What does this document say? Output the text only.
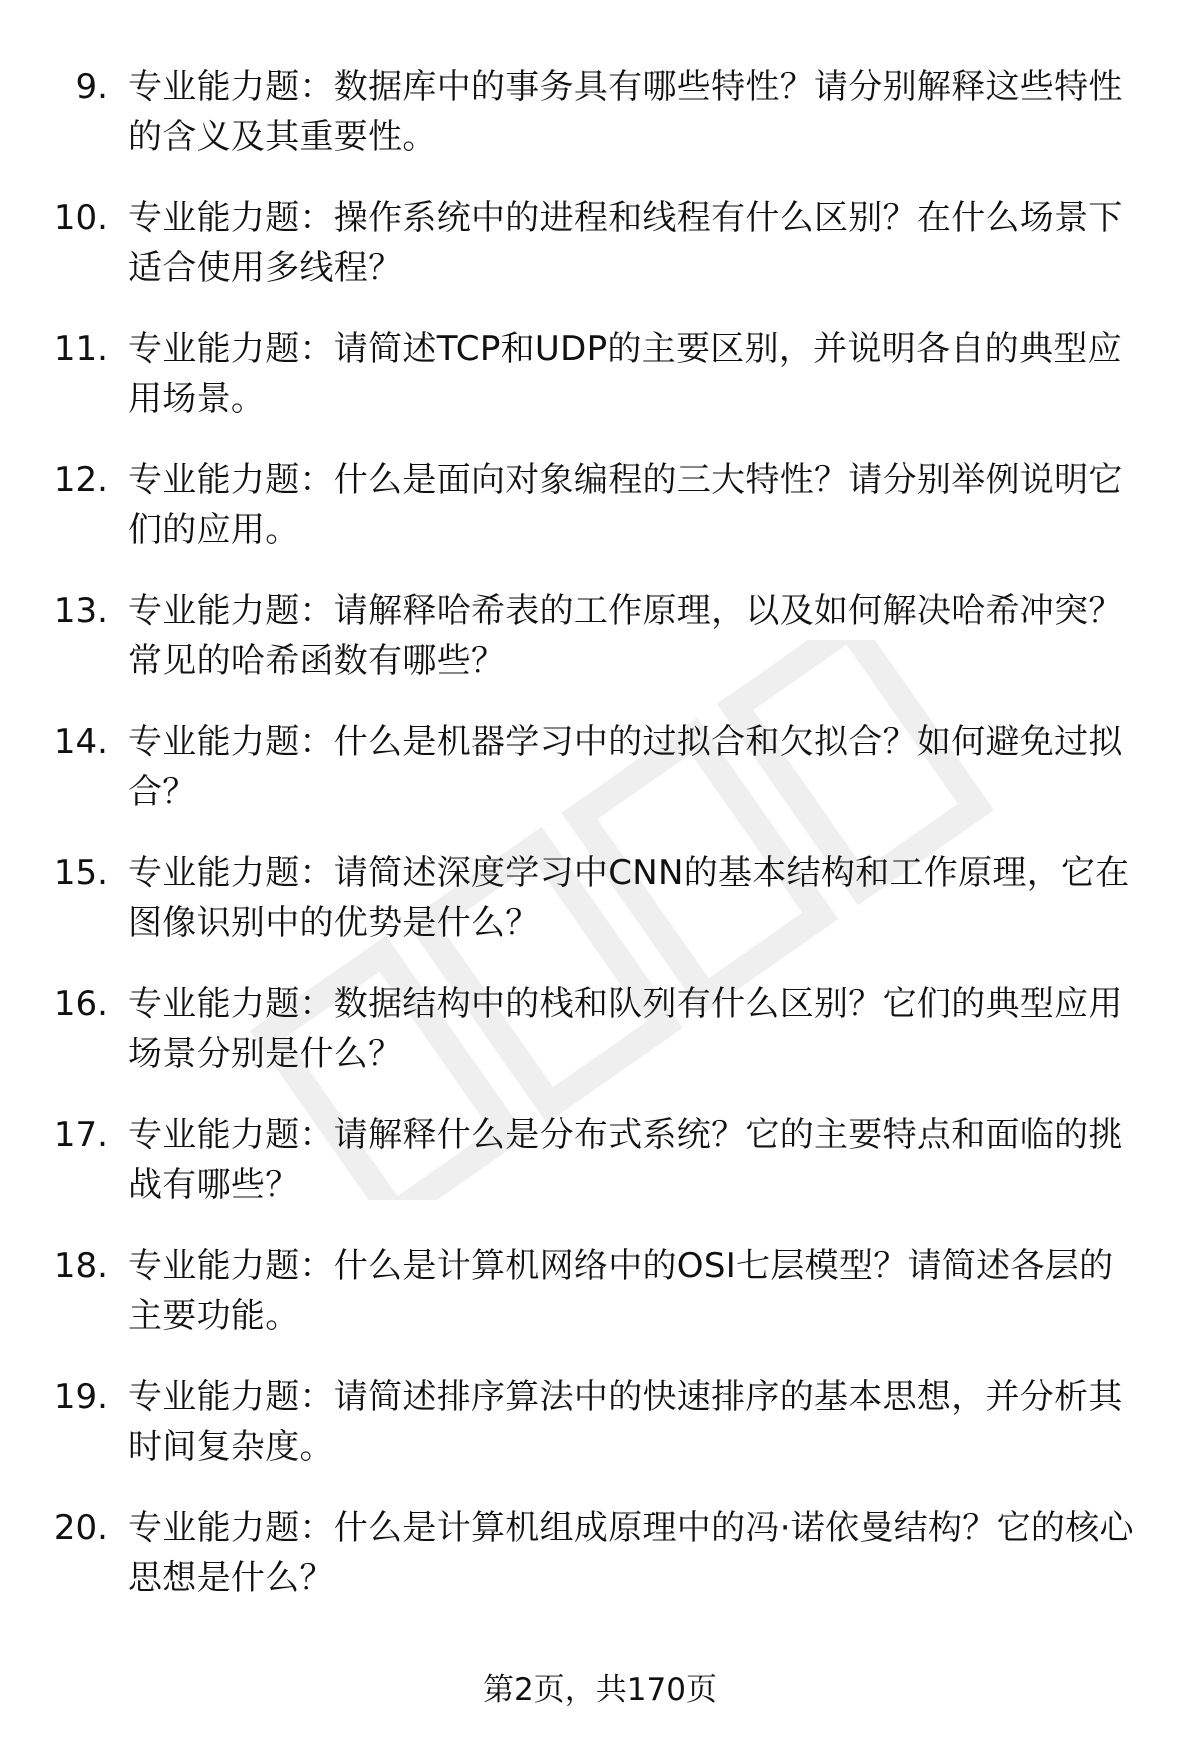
9. 专业能力题：数据库中的事务具有哪些特性？请分别解释这些特性的含义及其重要性。
10. 专业能力题：操作系统中的进程和线程有什么区别？在什么场景下适合使用多线程？
11. 专业能力题：请简述TCP和UDP的主要区别，并说明各自的典型应用场景。
12. 专业能力题：什么是面向对象编程的三大特性？请分别举例说明它们的应用。
13. 专业能力题：请解释哈希表的工作原理，以及如何解决哈希冲突？常见的哈希函数有哪些？
14. 专业能力题：什么是机器学习中的过拟合和欠拟合？如何避免过拟合？
15. 专业能力题：请简述深度学习中CNN的基本结构和工作原理，它在图像识别中的优势是什么？
16. 专业能力题：数据结构中的栈和队列有什么区别？它们的典型应用场景分别是什么？
17. 专业能力题：请解释什么是分布式系统？它的主要特点和面临的挑战有哪些？
18. 专业能力题：什么是计算机网络中的OSI七层模型？请简述各层的主要功能。
19. 专业能力题：请简述排序算法中的快速排序的基本思想，并分析其时间复杂度。
20. 专业能力题：什么是计算机组成原理中的冯·诺依曼结构？它的核心思想是什么？
第2页，共170页
